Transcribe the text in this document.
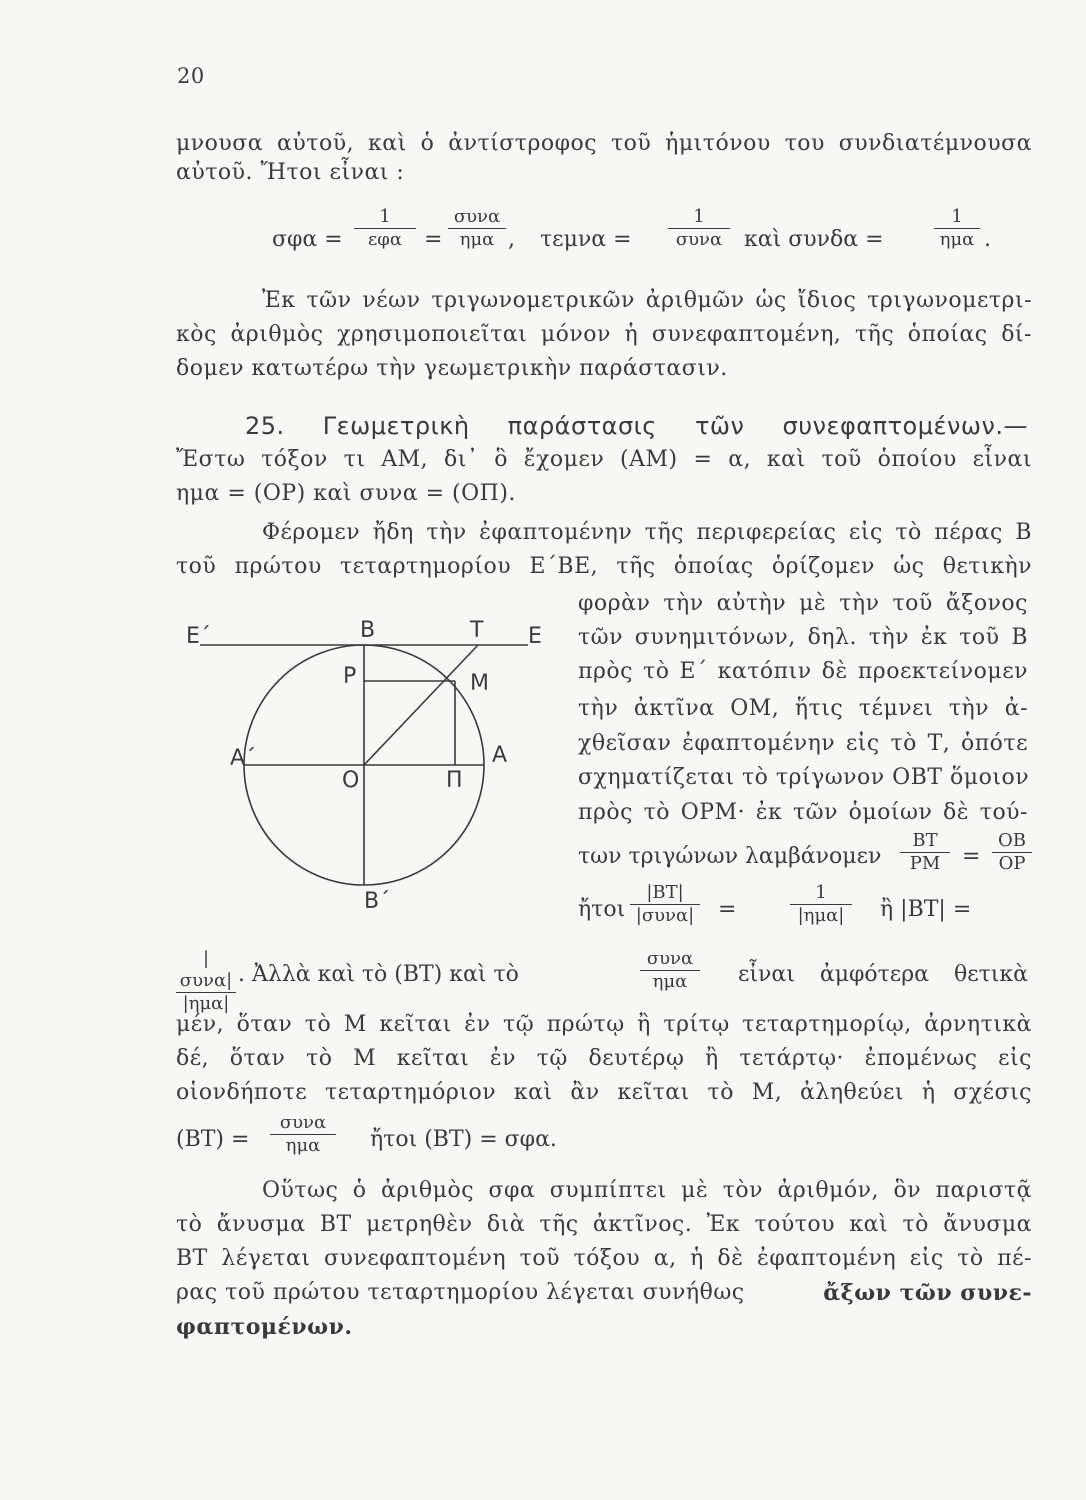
20
μνουσα αὐτοῦ, καὶ ὁ ἀντίστροφος τοῦ ἡμιτόνου του συνδιατέμνουσα
αὐτοῦ. Ἤτοι εἶναι :
σφα =
1
εφα =
συνα
ημα , τεμνα =
1
συνα καὶ συνδα =
1
ημα .
Ἐκ τῶν νέων τριγωνομετρικῶν ἀριθμῶν ὡς ἴδιος τριγωνομετρι-
κὸς ἀριθμὸς χρησιμοποιεῖται μόνον ἡ συνεφαπτομένη, τῆς ὁποίας δί-
δομεν κατωτέρω τὴν γεωμετρικὴν παράστασιν.
25. Γεωμετρικὴ παράστασις τῶν συνεφαπτομένων.—
Ἔστω τόξον τι ΑΜ, δι᾽ ὃ ἔχομεν (ΑΜ) = α, καὶ τοῦ ὁποίου εἶναι
ημα = (ΟΡ) καὶ συνα = (ΟΠ).
Φέρομεν ἤδη τὴν ἐφαπτομένην τῆς περιφερείας εἰς τὸ πέρας Β
τοῦ πρώτου τεταρτημορίου Ε΄ΒΕ, τῆς ὁποίας ὁρίζομεν ὡς θετικὴν
φορὰν τὴν αὐτὴν μὲ τὴν τοῦ ἄξονος
τῶν συνημιτόνων, δηλ. τὴν ἐκ τοῦ Β
πρὸς τὸ Ε΄ κατόπιν δὲ προεκτείνομεν
τὴν ἀκτῖνα ΟΜ, ἥτις τέμνει τὴν ἀ-
χθεῖσαν ἐφαπτομένην εἰς τὸ Τ, ὁπότε
σχηματίζεται τὸ τρίγωνον ΟΒΤ ὅμοιον
πρὸς τὸ ΟΡΜ· ἐκ τῶν ὁμοίων δὲ τού-
των τριγώνων λαμβάνομεν $\frac{BT}{PM} = \frac{OB}{OP}$
ἤτοι
|ΒΤ|
|συνα| =
1
|ημα|	ἢ |ΒΤ| =
|συνα|
|ημα|
. Ἀλλὰ καὶ τὸ (ΒΤ) καὶ τὸ
συνα
ημα	εἶναι ἀμφότερα θετικὰ
μέν, ὅταν τὸ Μ κεῖται ἐν τῷ πρώτῳ ἢ τρίτῳ τεταρτημορίῳ, ἀρνητικὰ
δέ, ὅταν τὸ Μ κεῖται ἐν τῷ δευτέρῳ ἢ τετάρτῳ· ἐπομένως εἰς
οἱονδήποτε τεταρτημόριον καὶ ἂν κεῖται τὸ Μ, ἀληθεύει ἡ σχέσις
(ΒΤ) =
συνα
ημα	ἤτοι (ΒΤ) = σφα.
Οὕτως ὁ ἀριθμὸς σφα συμπίπτει μὲ τὸν ἀριθμόν, ὃν παριστᾷ
τὸ ἄνυσμα ΒΤ μετρηθὲν διὰ τῆς ἀκτῖνος. Ἐκ τούτου καὶ τὸ ἄνυσμα
ΒΤ λέγεται συνεφαπτομένη τοῦ τόξου α, ἡ δὲ ἐφαπτομένη εἰς τὸ πέ-
ρας τοῦ πρώτου τεταρτημορίου λέγεται συνήθως	ἄξων τῶν συνε-
φαπτομένων.
Ε΄	Β	Τ Ε
Ρ	Μ
Α΄	Α
Ο	Π
Β΄
